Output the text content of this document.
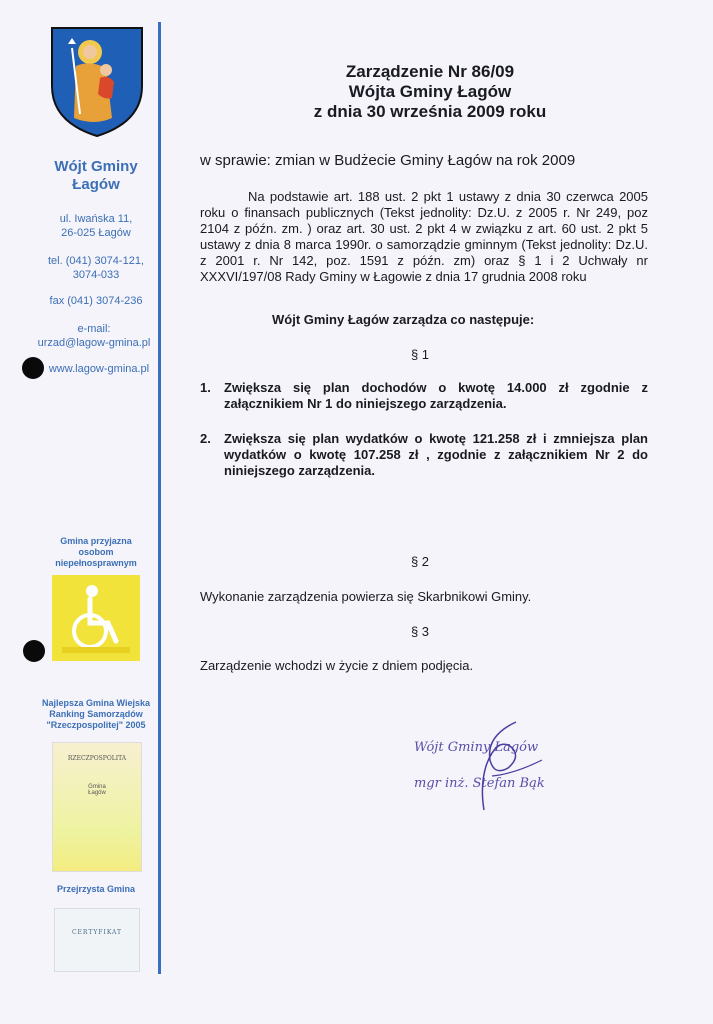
Wójt Gminy
Łagów
ul. Iwańska 11,
26-025 Łagów
tel. (041) 3074-121,
3074-033
fax (041) 3074-236
e-mail:
urzad@lagow-gmina.pl
www.lagow-gmina.pl
Gmina przyjazna
osobom
niepełnosprawnym
Najlepsza Gmina Wiejska
Ranking Samorządów
"Rzeczpospolitej" 2005
RZECZPOSPOLITA
Gmina
Łagów
Przejrzysta Gmina
CERTYFIKAT
Zarządzenie Nr 86/09
Wójta Gminy Łagów
z dnia 30 września 2009 roku
w sprawie: zmian w Budżecie Gminy Łagów na rok 2009
Na podstawie art. 188 ust. 2 pkt 1 ustawy z dnia 30 czerwca 2005 roku o finansach publicznych (Tekst jednolity: Dz.U. z 2005 r. Nr 249, poz 2104 z późn. zm. ) oraz art. 30 ust. 2 pkt 4 w związku z art. 60 ust. 2 pkt 5 ustawy z dnia 8 marca 1990r. o samorządzie gminnym (Tekst jednolity: Dz.U. z 2001 r. Nr 142, poz. 1591 z późn. zm) oraz § 1 i 2 Uchwały nr XXXVI/197/08 Rady Gminy w Łagowie z dnia 17 grudnia 2008 roku
Wójt Gminy Łagów zarządza co następuje:
§ 1
1.	Zwiększa się plan dochodów o kwotę 14.000 zł zgodnie z załącznikiem Nr 1 do niniejszego zarządzenia.
2.	Zwiększa się plan wydatków o kwotę 121.258 zł i zmniejsza plan wydatków o kwotę 107.258 zł , zgodnie z załącznikiem Nr 2 do niniejszego zarządzenia.
§ 2
Wykonanie zarządzenia powierza się Skarbnikowi Gminy.
§ 3
Zarządzenie wchodzi w życie z dniem podjęcia.
Wójt Gminy Łagów
mgr inż. Stefan Bąk
